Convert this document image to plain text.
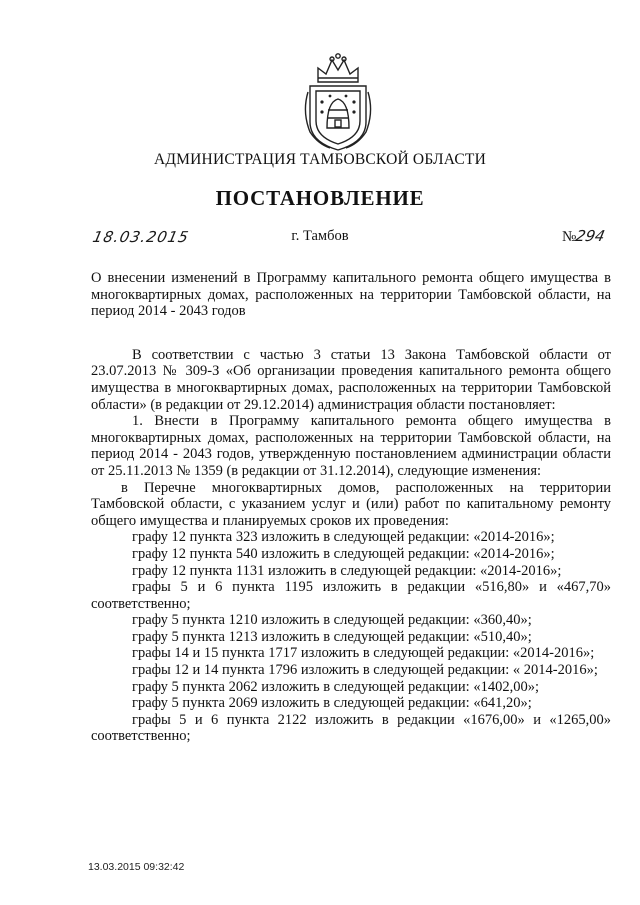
АДМИНИСТРАЦИЯ ТАМБОВСКОЙ ОБЛАСТИ
ПОСТАНОВЛЕНИЕ
18.03.2015	г. Тамбов	№294

О внесении изменений в Программу капитального ремонта общего имущества в многоквартирных домах, расположенных на территории Тамбовской области, на период 2014 - 2043 годов

В соответствии с частью 3 статьи 13 Закона Тамбовской области от 23.07.2013 № 309-З «Об организации проведения капитального ремонта общего имущества в многоквартирных домах, расположенных на территории Тамбовской области» (в редакции от 29.12.2014) администрация области постановляет:

1. Внести в Программу капитального ремонта общего имущества в многоквартирных домах, расположенных на территории Тамбовской области, на период 2014 - 2043 годов, утвержденную постановлением администрации области от 25.11.2013 № 1359 (в редакции от 31.12.2014), следующие изменения:

в Перечне многоквартирных домов, расположенных на территории Тамбовской области, с указанием услуг и (или) работ по капитальному ремонту общего имущества и планируемых сроков их проведения:

графу 12 пункта 323 изложить в следующей редакции: «2014-2016»;

графу 12 пункта 540 изложить в следующей редакции: «2014-2016»;

графу 12 пункта 1131 изложить в следующей редакции: «2014-2016»;

графы 5 и 6 пункта 1195 изложить в редакции «516,80» и «467,70» соответственно;

графу 5 пункта 1210 изложить в следующей редакции: «360,40»;

графу 5 пункта 1213 изложить в следующей редакции: «510,40»;

графы 14 и 15 пункта 1717 изложить в следующей редакции: «2014-2016»;

графы 12 и 14 пункта 1796 изложить в следующей редакции: « 2014-2016»;

графу 5 пункта 2062 изложить в следующей редакции: «1402,00»;

графу 5 пункта 2069 изложить в следующей редакции: «641,20»;

графы 5 и 6 пункта 2122 изложить в редакции «1676,00» и «1265,00» соответственно;

13.03.2015 09:32:42
